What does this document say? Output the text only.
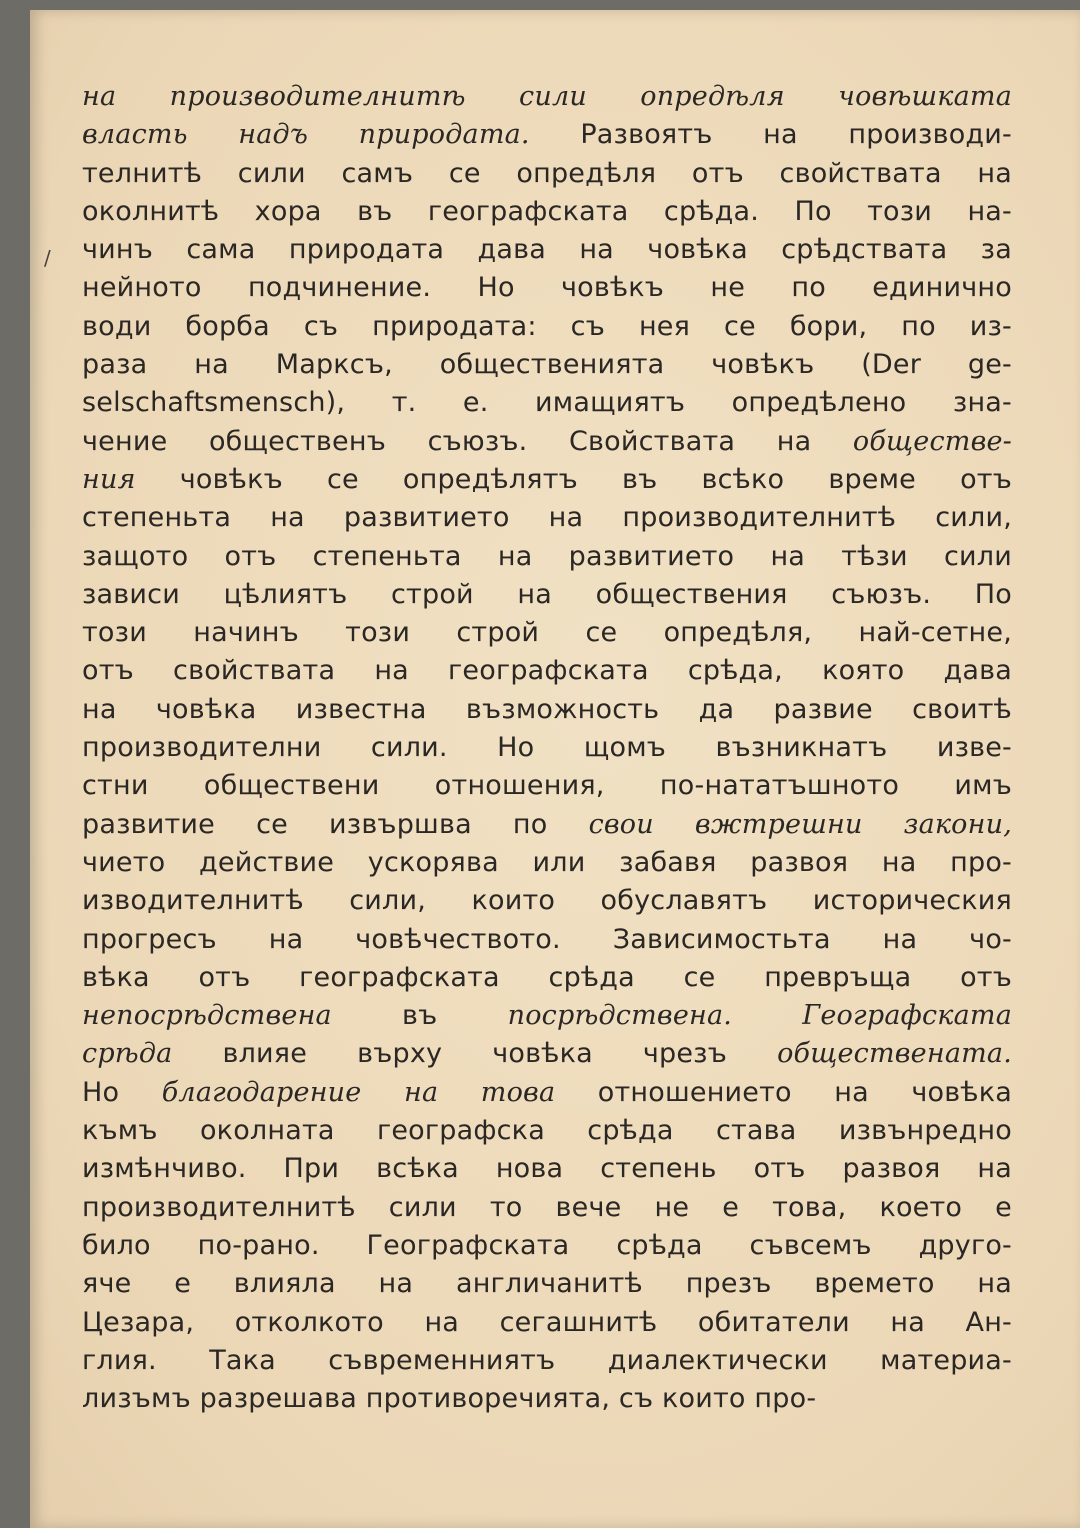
/
на производителнитѣ сили опредѣля човѣшката
власть надъ природата. Развоятъ на производи-
телнитѣ сили самъ се опредѣля отъ свойствата на
околнитѣ хора въ географската срѣда. По този на-
чинъ сама природата дава на човѣка срѣдствата за
нейното подчинение. Но човѣкъ не по единично
води борба съ природата: съ нея се бори, по из-
раза на Марксъ, общественията човѣкъ (Der ge-
selschaftsmensch), т. е. имащиятъ опредѣлено зна-
чение общественъ съюзъ. Свойствата на обществе-
ния човѣкъ се опредѣлятъ въ всѣко време отъ
степеньта на развитието на производителнитѣ сили,
защото отъ степеньта на развитието на тѣзи сили
зависи цѣлиятъ строй на обществения съюзъ. По
този начинъ този строй се опредѣля, най-сетне,
отъ свойствата на географската срѣда, която дава
на човѣка известна възможность да развие своитѣ
производителни сили. Но щомъ възникнатъ изве-
стни обществени отношения, по-нататъшното имъ
развитие се извършва по свои вжтрешни закони,
чието действие ускорява или забавя развоя на про-
изводителнитѣ сили, които обуславятъ историческия
прогресъ на човѣчеството. Зависимостьта на чо-
вѣка отъ географската срѣда се превръща отъ
непосрѣдствена въ посрѣдствена. Географската
срѣда влияе върху човѣка чрезъ обществената.
Но благодарение на това отношението на човѣка
къмъ околната географска срѣда става извънредно
измѣнчиво. При всѣка нова степень отъ развоя на
производителнитѣ сили то вече не е това, което е
било по-рано. Географската срѣда съвсемъ друго-
яче е влияла на англичанитѣ презъ времето на
Цезара, отколкото на сегашнитѣ обитатели на Ан-
глия. Така съвременниятъ диалектически материа-
лизъмъ разрешава противоречията, съ които про-
